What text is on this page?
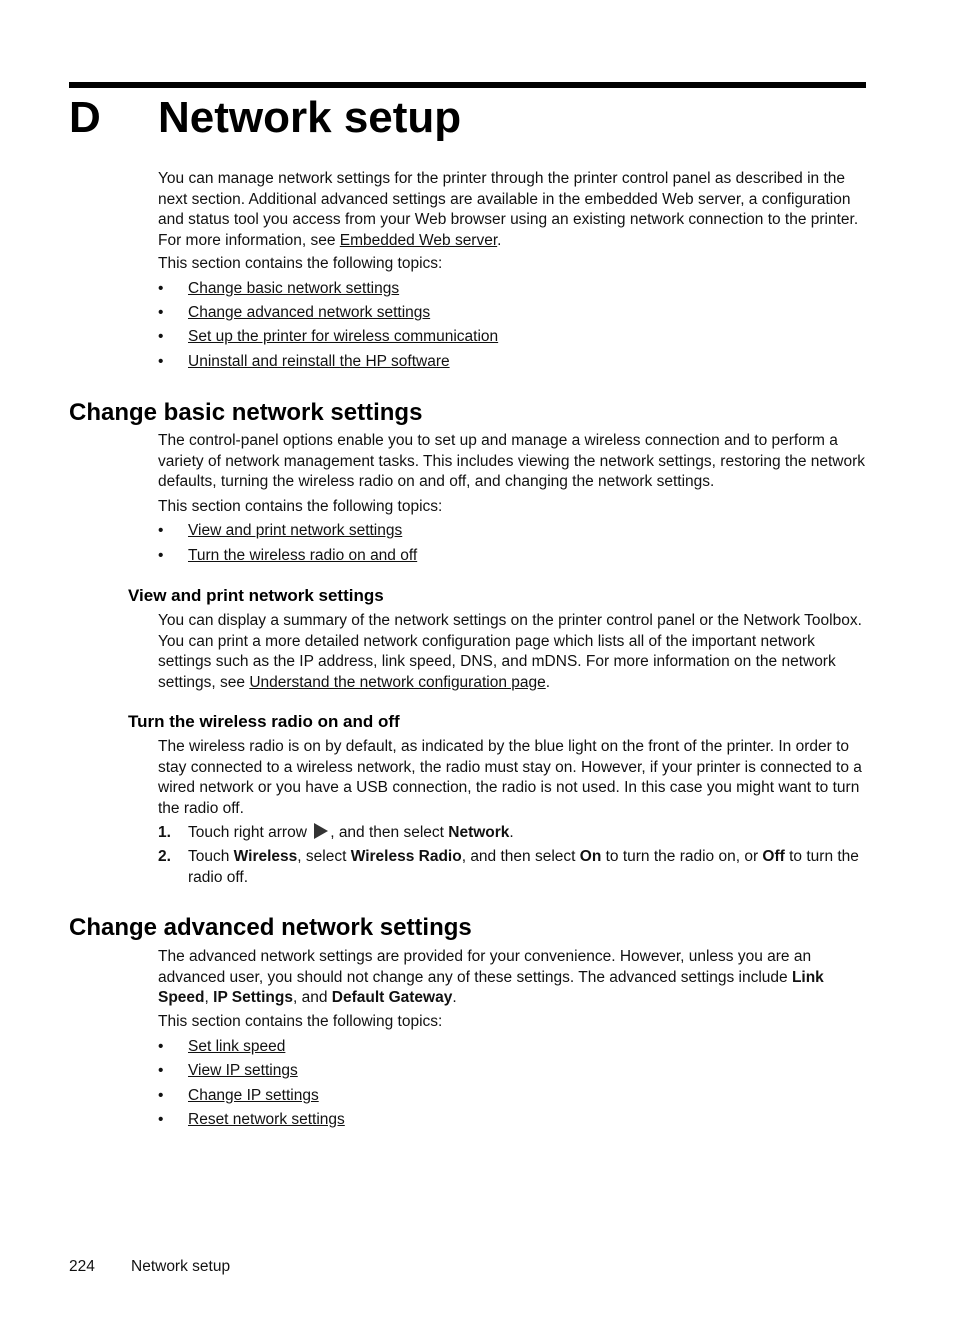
D Network setup

You can manage network settings for the printer through the printer control panel as described in the next section. Additional advanced settings are available in the embedded Web server, a configuration and status tool you access from your Web browser using an existing network connection to the printer. For more information, see Embedded Web server.

This section contains the following topics:

• Change basic network settings
• Change advanced network settings
• Set up the printer for wireless communication
• Uninstall and reinstall the HP software
Change basic network settings

The control-panel options enable you to set up and manage a wireless connection and to perform a variety of network management tasks. This includes viewing the network settings, restoring the network defaults, turning the wireless radio on and off, and changing the network settings.

This section contains the following topics:

• View and print network settings
• Turn the wireless radio on and off
View and print network settings

You can display a summary of the network settings on the printer control panel or the Network Toolbox. You can print a more detailed network configuration page which lists all of the important network settings such as the IP address, link speed, DNS, and mDNS. For more information on the network settings, see Understand the network configuration page.

Turn the wireless radio on and off

The wireless radio is on by default, as indicated by the blue light on the front of the printer. In order to stay connected to a wireless network, the radio must stay on. However, if your printer is connected to a wired network or you have a USB connection, the radio is not used. In this case you might want to turn the radio off.

1. Touch right arrow , and then select Network.
2. Touch Wireless, select Wireless Radio, and then select On to turn the radio on, or Off to turn the radio off.
Change advanced network settings

The advanced network settings are provided for your convenience. However, unless you are an advanced user, you should not change any of these settings. The advanced settings include Link Speed, IP Settings, and Default Gateway.

This section contains the following topics:

• Set link speed
• View IP settings
• Change IP settings
• Reset network settings
224 Network setup
